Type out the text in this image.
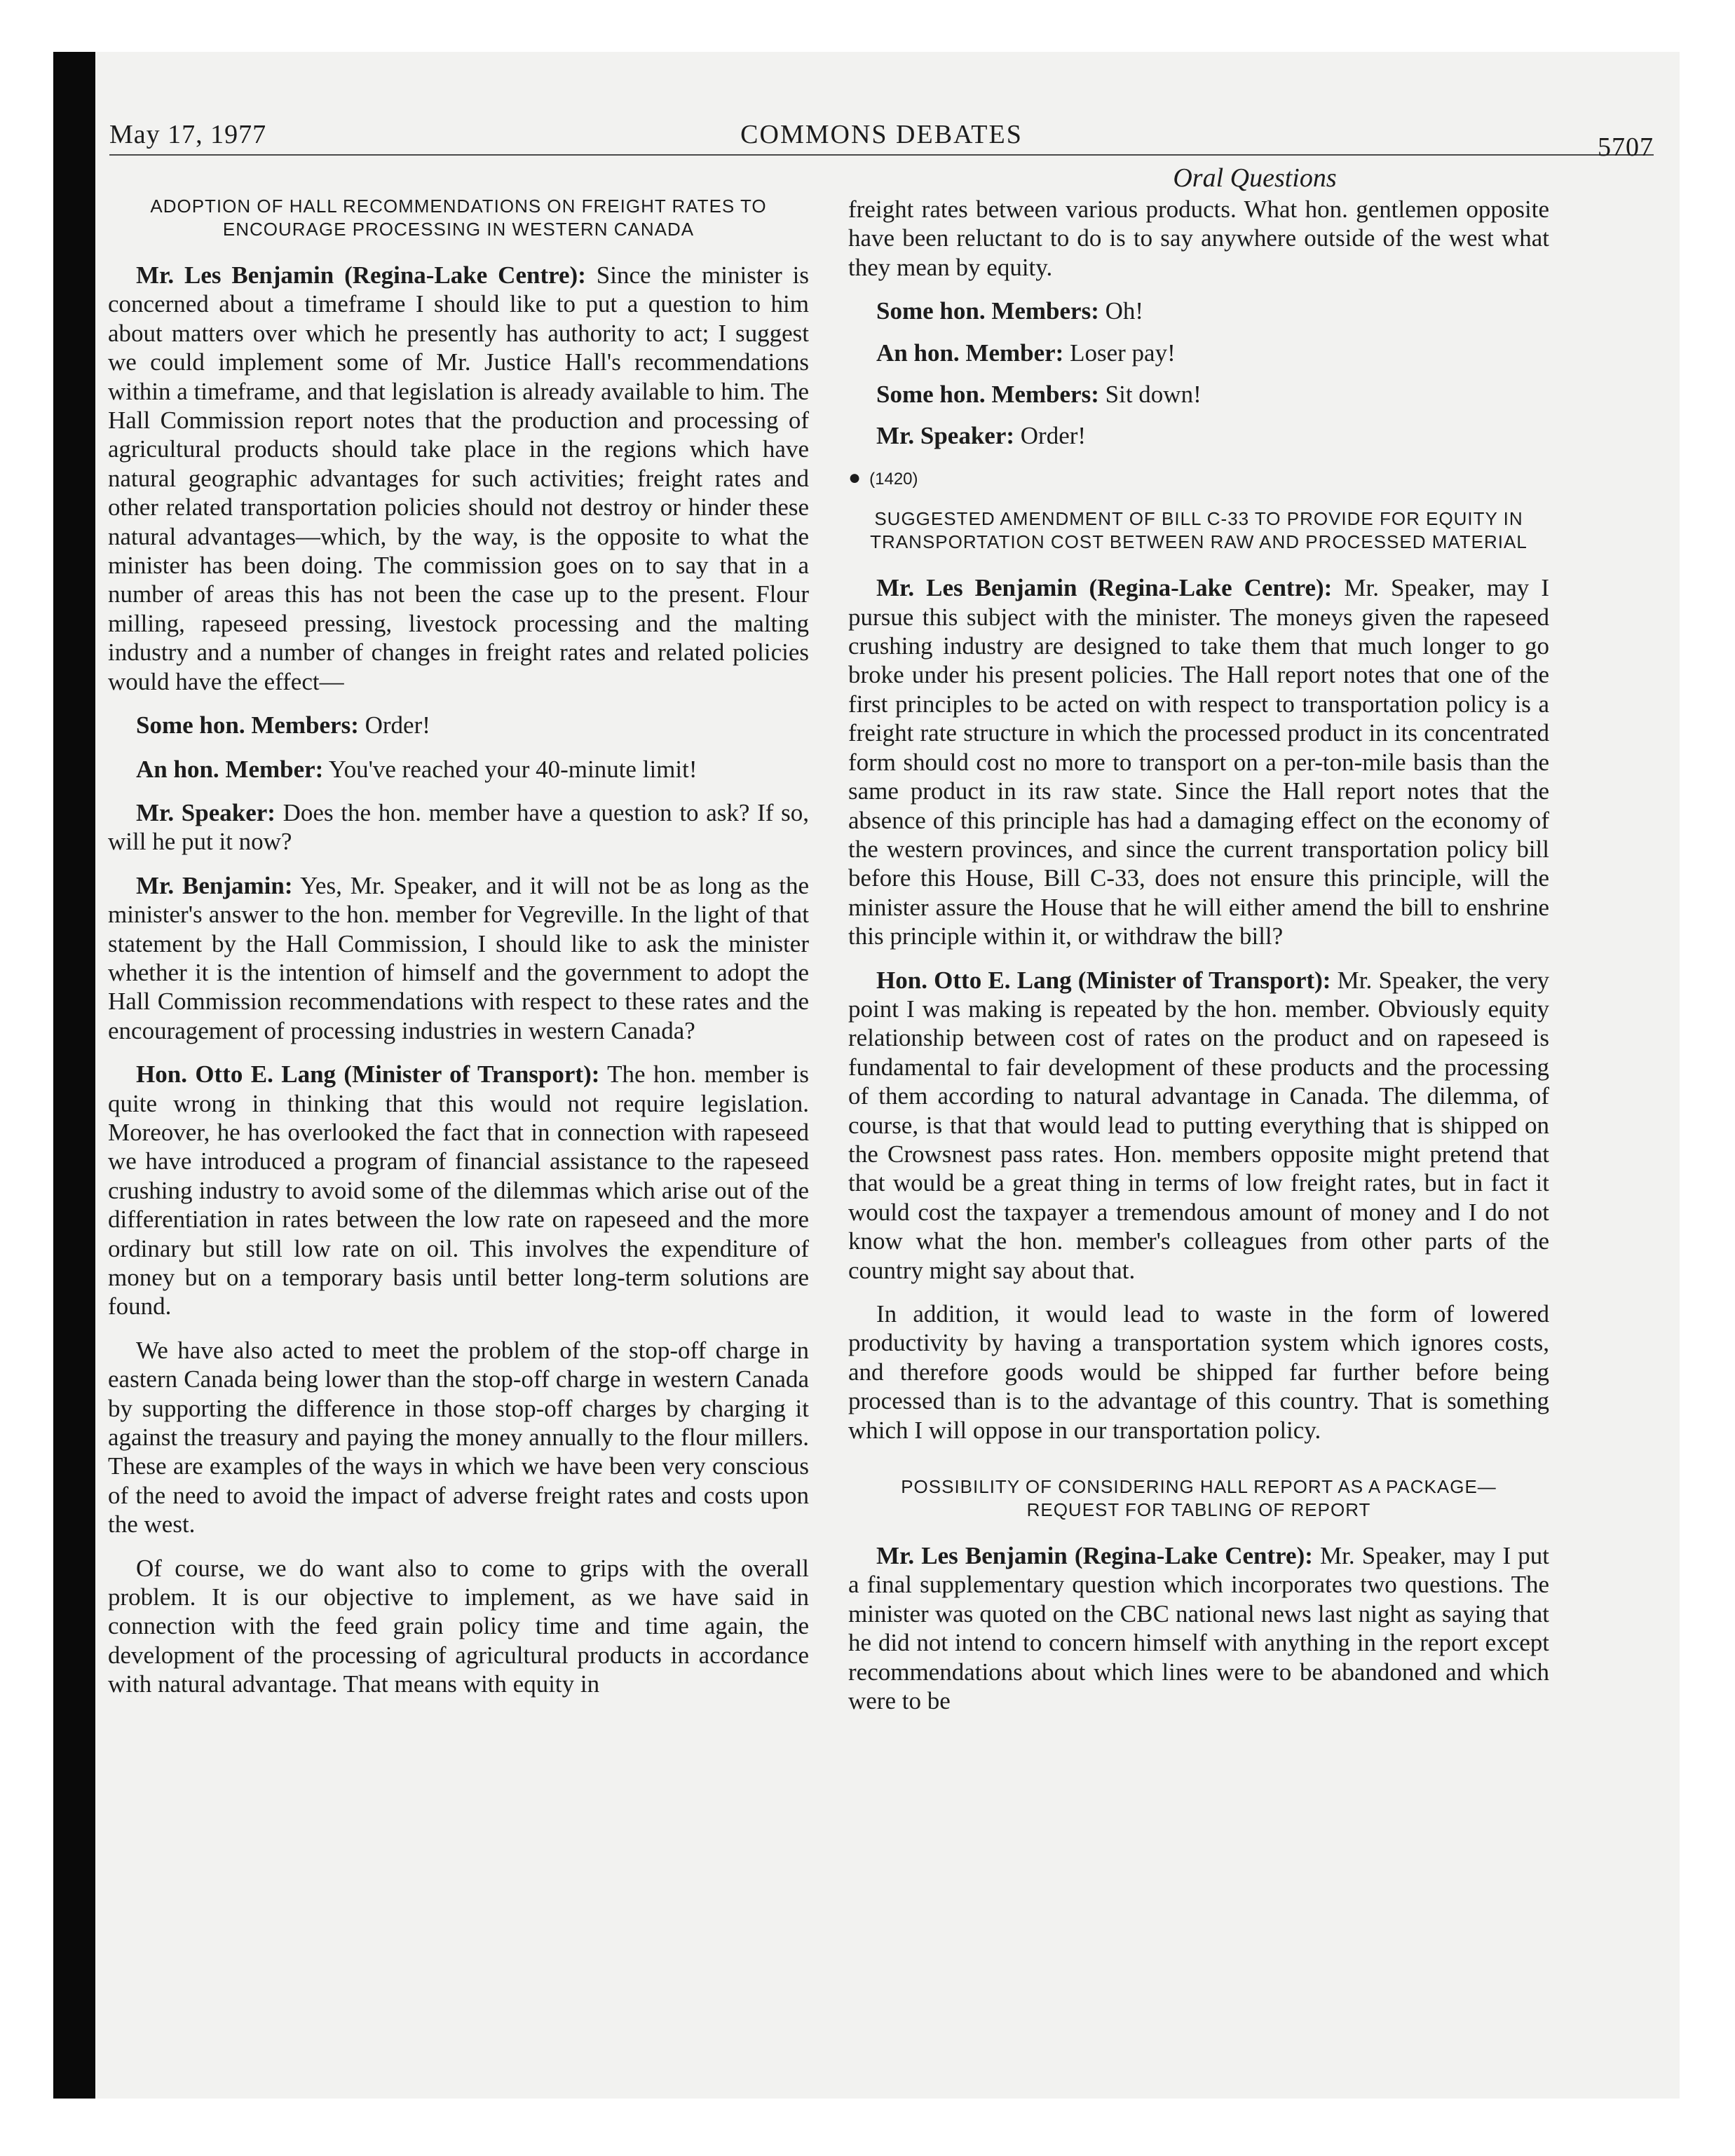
May 17, 1977	COMMONS DEBATES	5707
Oral Questions
ADOPTION OF HALL RECOMMENDATIONS ON FREIGHT RATES TO ENCOURAGE PROCESSING IN WESTERN CANADA

Mr. Les Benjamin (Regina-Lake Centre): Since the minister is concerned about a timeframe I should like to put a question to him about matters over which he presently has authority to act; I suggest we could implement some of Mr. Justice Hall's recommendations within a timeframe, and that legislation is already available to him. The Hall Commission report notes that the production and processing of agricultural products should take place in the regions which have natural geographic advantages for such activities; freight rates and other related transportation policies should not destroy or hinder these natural advantages—which, by the way, is the opposite to what the minister has been doing. The commission goes on to say that in a number of areas this has not been the case up to the present. Flour milling, rapeseed pressing, livestock processing and the malting industry and a number of changes in freight rates and related policies would have the effect—

Some hon. Members: Order!

An hon. Member: You've reached your 40-minute limit!

Mr. Speaker: Does the hon. member have a question to ask? If so, will he put it now?

Mr. Benjamin: Yes, Mr. Speaker, and it will not be as long as the minister's answer to the hon. member for Vegreville. In the light of that statement by the Hall Commission, I should like to ask the minister whether it is the intention of himself and the government to adopt the Hall Commission recommendations with respect to these rates and the encouragement of processing industries in western Canada?

Hon. Otto E. Lang (Minister of Transport): The hon. member is quite wrong in thinking that this would not require legislation. Moreover, he has overlooked the fact that in connection with rapeseed we have introduced a program of financial assistance to the rapeseed crushing industry to avoid some of the dilemmas which arise out of the differentiation in rates between the low rate on rapeseed and the more ordinary but still low rate on oil. This involves the expenditure of money but on a temporary basis until better long-term solutions are found.

We have also acted to meet the problem of the stop-off charge in eastern Canada being lower than the stop-off charge in western Canada by supporting the difference in those stop-off charges by charging it against the treasury and paying the money annually to the flour millers. These are examples of the ways in which we have been very conscious of the need to avoid the impact of adverse freight rates and costs upon the west.

Of course, we do want also to come to grips with the overall problem. It is our objective to implement, as we have said in connection with the feed grain policy time and time again, the development of the processing of agricultural products in accordance with natural advantage. That means with equity in

freight rates between various products. What hon. gentlemen opposite have been reluctant to do is to say anywhere outside of the west what they mean by equity.

Some hon. Members: Oh!

An hon. Member: Loser pay!

Some hon. Members: Sit down!

Mr. Speaker: Order!

● (1420)

SUGGESTED AMENDMENT OF BILL C-33 TO PROVIDE FOR EQUITY IN TRANSPORTATION COST BETWEEN RAW AND PROCESSED MATERIAL

Mr. Les Benjamin (Regina-Lake Centre): Mr. Speaker, may I pursue this subject with the minister. The moneys given the rapeseed crushing industry are designed to take them that much longer to go broke under his present policies. The Hall report notes that one of the first principles to be acted on with respect to transportation policy is a freight rate structure in which the processed product in its concentrated form should cost no more to transport on a per-ton-mile basis than the same product in its raw state. Since the Hall report notes that the absence of this principle has had a damaging effect on the economy of the western provinces, and since the current transportation policy bill before this House, Bill C-33, does not ensure this principle, will the minister assure the House that he will either amend the bill to enshrine this principle within it, or withdraw the bill?

Hon. Otto E. Lang (Minister of Transport): Mr. Speaker, the very point I was making is repeated by the hon. member. Obviously equity relationship between cost of rates on the product and on rapeseed is fundamental to fair development of these products and the processing of them according to natural advantage in Canada. The dilemma, of course, is that that would lead to putting everything that is shipped on the Crowsnest pass rates. Hon. members opposite might pretend that that would be a great thing in terms of low freight rates, but in fact it would cost the taxpayer a tremendous amount of money and I do not know what the hon. member's colleagues from other parts of the country might say about that.

In addition, it would lead to waste in the form of lowered productivity by having a transportation system which ignores costs, and therefore goods would be shipped far further before being processed than is to the advantage of this country. That is something which I will oppose in our transportation policy.

POSSIBILITY OF CONSIDERING HALL REPORT AS A PACKAGE— REQUEST FOR TABLING OF REPORT

Mr. Les Benjamin (Regina-Lake Centre): Mr. Speaker, may I put a final supplementary question which incorporates two questions. The minister was quoted on the CBC national news last night as saying that he did not intend to concern himself with anything in the report except recommendations about which lines were to be abandoned and which were to be
